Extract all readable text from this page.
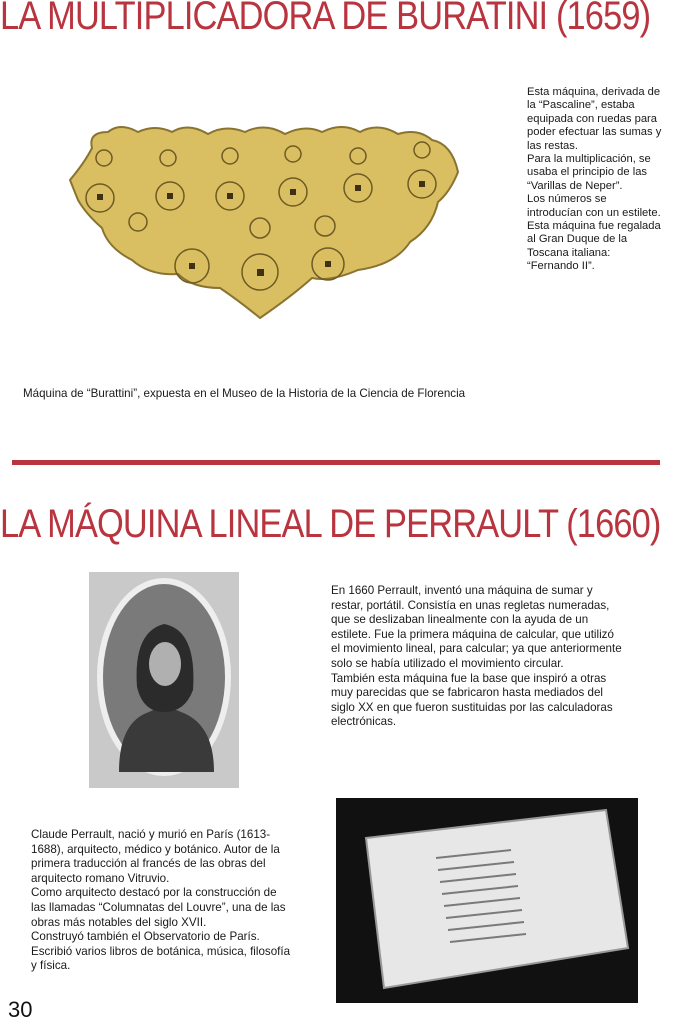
LA MULTIPLICADORA DE BURATINI (1659)
Esta máquina, derivada de
la “Pascaline”, estaba
equipada con ruedas para
poder efectuar las sumas y
las restas.
Para la multiplicación, se
usaba el principio de las
“Varillas de Neper”.
Los números se
introducían con un estilete.
Esta máquina fue regalada
al Gran Duque de la
Toscana italiana:
“Fernando II”.
Máquina de “Burattini”, expuesta en el Museo de la Historia de la Ciencia de Florencia
LA MÁQUINA LINEAL DE PERRAULT (1660)
En 1660 Perrault, inventó una máquina de sumar y
restar, portátil. Consistía en unas regletas numeradas,
que se deslizaban linealmente con la ayuda de un
estilete. Fue la primera máquina de calcular, que utilizó
el movimiento lineal, para calcular; ya que anteriormente
solo se había utilizado el movimiento circular.
También esta máquina fue la base que inspiró a otras
muy parecidas que se fabricaron hasta mediados del
siglo XX en que fueron sustituidas por las calculadoras
electrónicas.
Claude Perrault, nació y murió en París (1613-
1688), arquitecto, médico y botánico. Autor de la
primera traducción al francés de las obras del
arquitecto romano Vitruvio.
Como arquitecto destacó por la construcción de
las llamadas “Columnatas del Louvre”, una de las
obras más notables del siglo XVII.
Construyó también el Observatorio de París.
Escribió varios libros de botánica, música, filosofía
y física.
30
